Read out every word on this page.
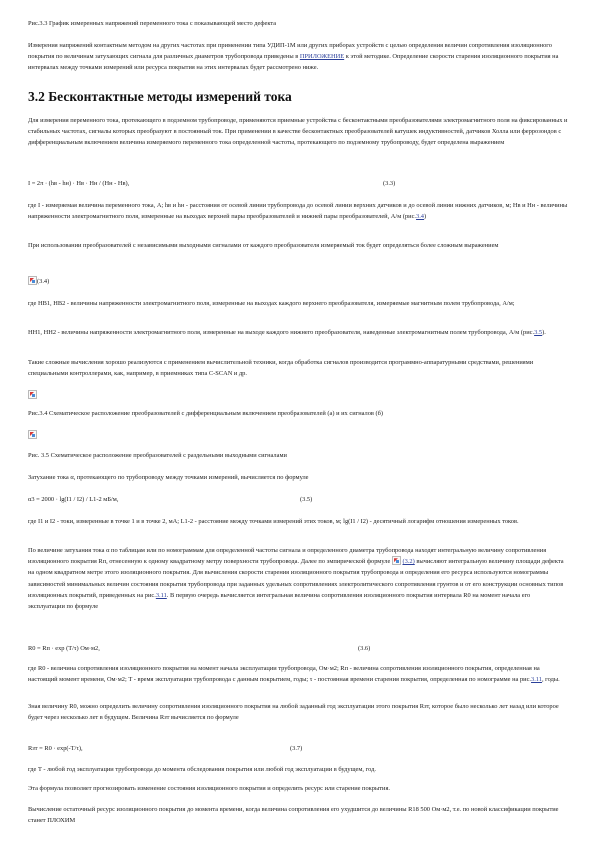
Рис.3.3 График измеренных напряжений переменного тока с показывающей место дефекта

Измерения напряжений контактным методом на других частотах при применении типа УДИП-1М или других приборах устройств с целью определения величин сопротивления изоляционного покрытия по величинам затухающих сигнала для различных диаметров трубопровода приведены в ПРИЛОЖЕНИЕ к этой методике. Определение скорости старения изоляционного покрытия на интервалах между точками измерений или ресурса покрытия на этих интервалах будет рассмотрено ниже.

3.2 Бесконтактные методы измерений тока

Для измерения переменного тока, протекающего в подземном трубопроводе, применяются приемные устройства с бесконтактными преобразователями электромагнитного поля на фиксированных и стабильных частотах, сигналы которых преобразуют в постоянный ток. При применении в качестве бесконтактных преобразователей катушек индуктивностей, датчиков Холла или феррозондов с дифференциальным включением величина измеряемого переменного тока определенной частоты, протекающего по подземному трубопроводу, будет определена выражением

I = 2π · (hв - hн) · Нв · Нн / (Нн - Нв),	(3.3)

где I - измеряемая величина переменного тока, А; hв и hн - расстояния от осевой линии трубопровода до осевой линии верхних датчиков и до осевой линии нижних датчиков, м; Нв и Нн - величины напряженности электромагнитного поля, измеренные на выходах верхней пары преобразователей и нижней пары преобразователей, А/м (рис.3.4)

При использовании преобразователей с независимыми выходными сигналами от каждого преобразователя измеряемый ток будет определяться более сложным выражением

(3.4)

где НВ1, НВ2 - величины напряженности электромагнитного поля, измеренные на выходах каждого верхнего преобразователя, измеряемые магнитным полем трубопровода, А/м;

НН1, НН2 - величины напряженности электромагнитного поля, измеренные на выходе каждого нижнего преобразователя, наведенные электромагнитным полем трубопровода, А/м (рис.3.5).

Такие сложные вычисления хорошо реализуются с применением вычислительной техники, когда обработка сигналов производится программно-аппаратурными средствами, решениями специальными контроллерами, как, например, в приемниках типа C-SCAN и др.

Рис.3.4 Схематическое расположение преобразователей с дифференциальным включением преобразователей (а) и их сигналов (б)

Рис. 3.5 Схематическое расположение преобразователей с раздельными выходными сигналами

Затухание тока α, протекающего по трубопроводу между точками измерений, вычисляется по формуле

α3 = 2000 · lg(I1 / I2) / L1-2 мБ/м,	(3.5)

где I1 и I2 - токи, измеренные в точке 1 и в точке 2, мА; L1-2 - расстояние между точками измерений этих токов, м; lg(I1 / I2) - десятичный логарифм отношения измеренных токов.

По величине затухания тока α по таблицам или по номограммам для определенной частоты сигнала и определенного диаметра трубопровода находят интегральную величину сопротивления изоляционного покрытия Rп, отнесенную к одному квадратному метру поверхности трубопровода. Далее по эмпирической формуле  (3.2) вычисляют интегральную величину площади дефекта на одном квадратном метре этого изоляционного покрытия. Для вычисления скорости старения изоляционного покрытия трубопровода и определения его ресурса используются номограммы зависимостей минимальных величин состояния покрытия трубопровода при заданных удельных сопротивлениях электролитического сопротивления грунтов и от его конструкции основных типов изоляционных покрытий, приведенных на рис.3.11. В первую очередь вычисляется интегральная величина сопротивления изоляционного покрытия интервала R0 на момент начала его эксплуатации по формуле

R0 = Rп · exp (T/τ) Ом·м2,	(3.6)

где R0 - величина сопротивления изоляционного покрытия на момент начала эксплуатации трубопровода, Ом·м2; Rп - величина сопротивления изоляционного покрытия, определенная на настоящий момент времени, Ом·м2; T - время эксплуатации трубопровода с данным покрытием, годы; τ - постоянная времени старения покрытия, определенная по номограмме на рис.3.11, годы.

Зная величину R0, можно определить величину сопротивления изоляционного покрытия на любой заданный год эксплуатации этого покрытия Rзт, которое было несколько лет назад или которое будет через несколько лет в будущем. Величина Rзт вычисляется по формуле

Rзт = R0 · exp(-T/τ),	(3.7)

где T - любой год эксплуатации трубопровода до момента обследования покрытия или любой год эксплуатации в будущем, год.

Эта формула позволяет прогнозировать изменение состояния изоляционного покрытия и определить ресурс или старение покрытия.

Вычисление остаточный ресурс изоляционного покрытия до момента времени, когда величина сопротивления его ухудшится до величины R18 500 Ом·м2, т.е. по новой классификации покрытие станет ПЛОХИМ
